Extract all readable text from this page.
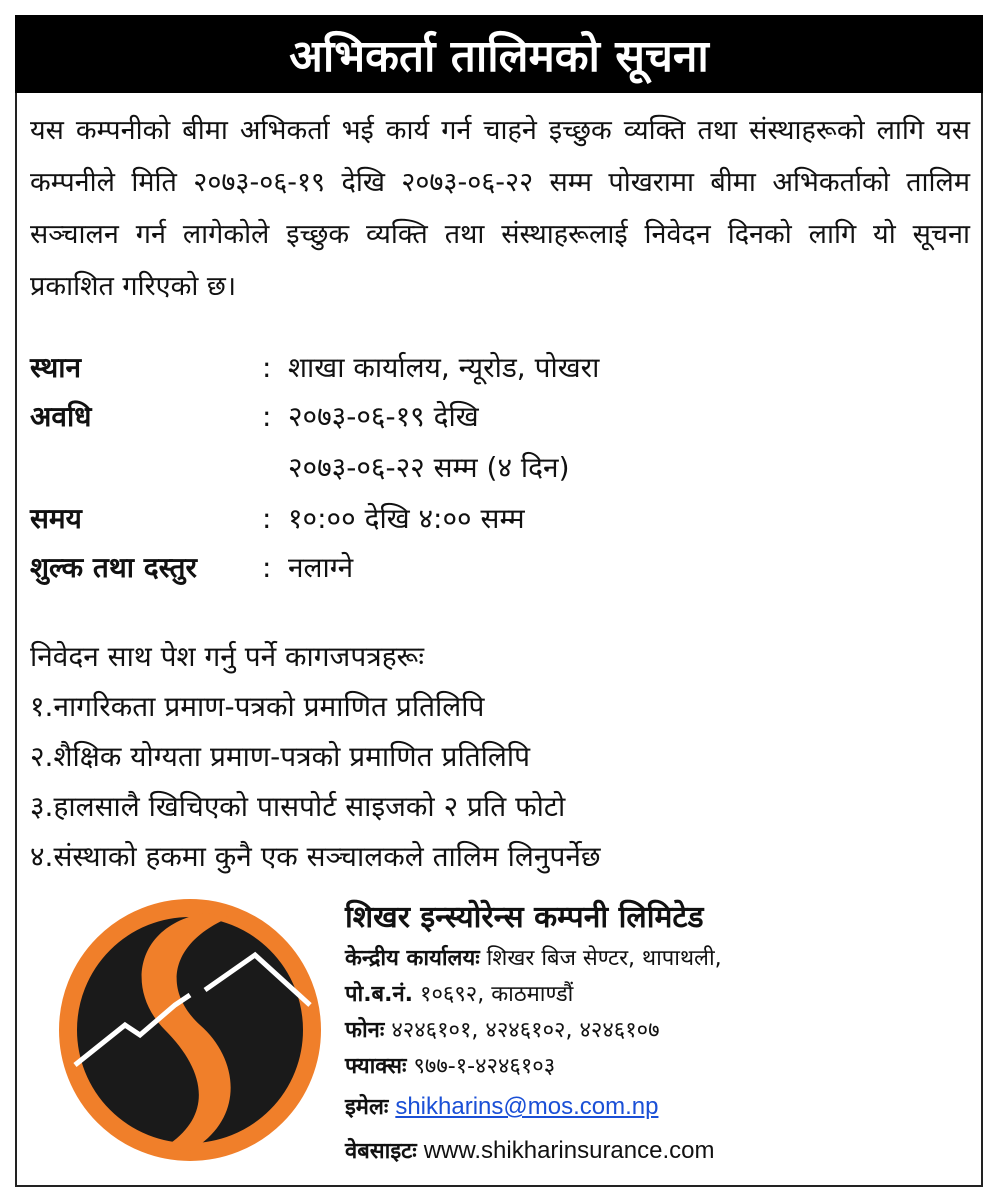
अभिकर्ता तालिमको सूचना
यस कम्पनीको बीमा अभिकर्ता भई कार्य गर्न चाहने इच्छुक व्यक्ति तथा संस्थाहरूको लागि यस कम्पनीले मिति २०७३-०६-१९ देखि २०७३-०६-२२ सम्म पोखरामा बीमा अभिकर्ताको तालिम सञ्चालन गर्न लागेकोले इच्छुक व्यक्ति तथा संस्थाहरूलाई निवेदन दिनको लागि यो सूचना प्रकाशित गरिएको छ।
स्थान	: शाखा कार्यालय, न्यूरोड, पोखरा
अवधि	: २०७३-०६-१९ देखि
२०७३-०६-२२ सम्म (४ दिन)
समय	: १०:०० देखि ४:०० सम्म
शुल्क तथा दस्तुर	: नलाग्ने
निवेदन साथ पेश गर्नु पर्ने कागजपत्रहरूः
१.नागरिकता प्रमाण-पत्रको प्रमाणित प्रतिलिपि
२.शैक्षिक योग्यता प्रमाण-पत्रको प्रमाणित प्रतिलिपि
३.हालसालै खिचिएको पासपोर्ट साइजको २ प्रति फोटो
४.संस्थाको हकमा कुनै एक सञ्चालकले तालिम लिनुपर्नेछ
शिखर इन्स्योरेन्स कम्पनी लिमिटेड
केन्द्रीय कार्यालयः शिखर बिज सेण्टर, थापाथली,
पो.ब.नं. १०६९२, काठमाण्डौं
फोनः ४२४६१०१, ४२४६१०२, ४२४६१०७
फ्याक्सः ९७७-१-४२४६१०३
इमेलः shikharins@mos.com.np
वेबसाइटः www.shikharinsurance.com
